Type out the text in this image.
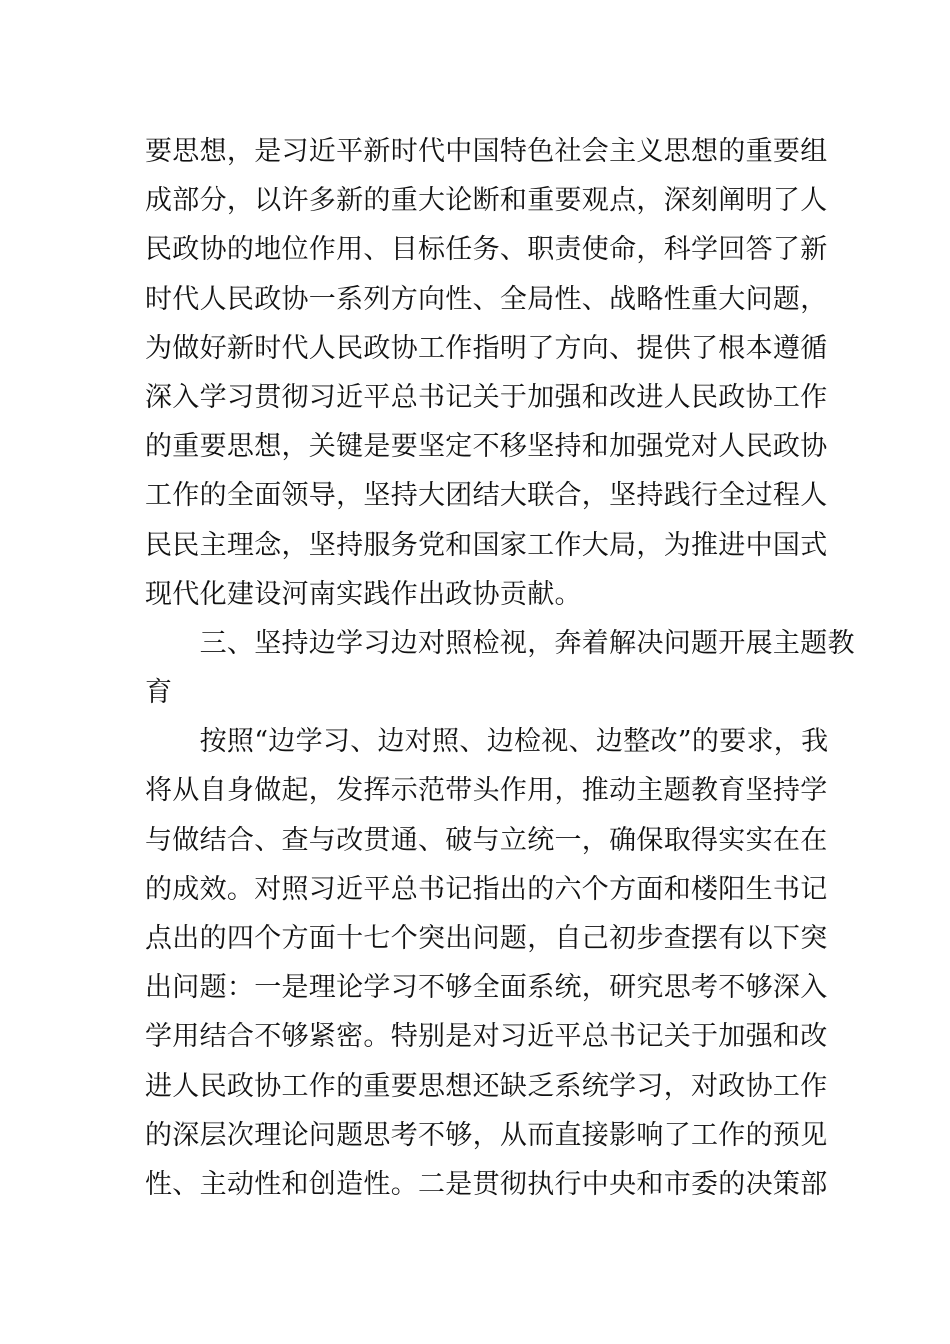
要思想，是习近平新时代中国特色社会主义思想的重要组
成部分，以许多新的重大论断和重要观点，深刻阐明了人
民政协的地位作用、目标任务、职责使命，科学回答了新
时代人民政协一系列方向性、全局性、战略性重大问题，
为做好新时代人民政协工作指明了方向、提供了根本遵循
深入学习贯彻习近平总书记关于加强和改进人民政协工作
的重要思想，关键是要坚定不移坚持和加强党对人民政协
工作的全面领导，坚持大团结大联合，坚持践行全过程人
民民主理念，坚持服务党和国家工作大局，为推进中国式
现代化建设河南实践作出政协贡献。
　　三、坚持边学习边对照检视，奔着解决问题开展主题教
育
　　按照“边学习、边对照、边检视、边整改”的要求，我
将从自身做起，发挥示范带头作用，推动主题教育坚持学
与做结合、查与改贯通、破与立统一，确保取得实实在在
的成效。对照习近平总书记指出的六个方面和楼阳生书记
点出的四个方面十七个突出问题，自己初步查摆有以下突
出问题：一是理论学习不够全面系统，研究思考不够深入
学用结合不够紧密。特别是对习近平总书记关于加强和改
进人民政协工作的重要思想还缺乏系统学习，对政协工作
的深层次理论问题思考不够，从而直接影响了工作的预见
性、主动性和创造性。二是贯彻执行中央和市委的决策部
